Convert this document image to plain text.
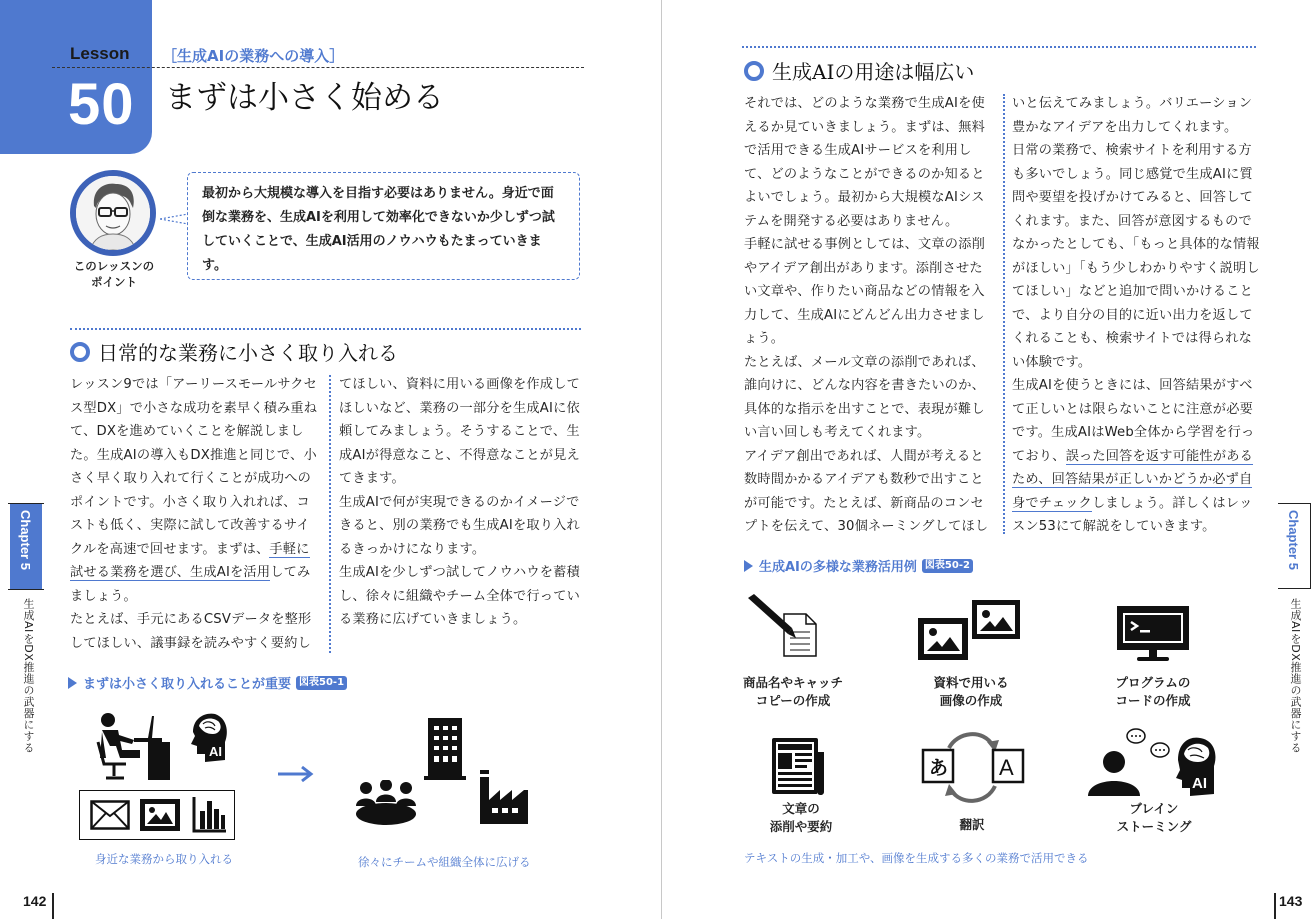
Lesson
50
［生成AIの業務への導入］
まずは小さく始める
このレッスンの
ポイント
最初から大規模な導入を目指す必要はありません。身近で面倒な業務を、生成AIを利用して効率化できないか少しずつ試していくことで、生成AI活用のノウハウもたまっていきます。
日常的な業務に小さく取り入れる

レッスン9では「アーリースモールサクセス型DX」で小さな成功を素早く積み重ねて、DXを進めていくことを解説しました。生成AIの導入もDX推進と同じで、小さく早く取り入れて行くことが成功へのポイントです。小さく取り入れれば、コストも低く、実際に試して改善するサイクルを高速で回せます。まずは、手軽に試せる業務を選び、生成AIを活用してみましょう。

たとえば、手元にあるCSVデータを整形してほしい、議事録を読みやすく要約し

てほしい、資料に用いる画像を作成してほしいなど、業務の一部分を生成AIに依頼してみましょう。そうすることで、生成AIが得意なこと、不得意なことが見えてきます。

生成AIで何が実現できるのかイメージできると、別の業務でも生成AIを取り入れるきっかけになります。

生成AIを少しずつ試してノウハウを蓄積し、徐々に組織やチーム全体で行っている業務に広げていきましょう。

まずは小さく取り入れることが重要 図表50-1
AI
身近な業務から取り入れる	徐々にチームや組織全体に広げる
Chapter 5
生成AIをDX推進の武器にする
142
生成AIの用途は幅広い

それでは、どのような業務で生成AIを使えるか見ていきましょう。まずは、無料で活用できる生成AIサービスを利用して、どのようなことができるのか知るとよいでしょう。最初から大規模なAIシステムを開発する必要はありません。

手軽に試せる事例としては、文章の添削やアイデア創出があります。添削させたい文章や、作りたい商品などの情報を入力して、生成AIにどんどん出力させましょう。

たとえば、メール文章の添削であれば、誰向けに、どんな内容を書きたいのか、具体的な指示を出すことで、表現が難しい言い回しも考えてくれます。

アイデア創出であれば、人間が考えると数時間かかるアイデアも数秒で出すことが可能です。たとえば、新商品のコンセプトを伝えて、30個ネーミングしてほし

いと伝えてみましょう。バリエーション豊かなアイデアを出力してくれます。

日常の業務で、検索サイトを利用する方も多いでしょう。同じ感覚で生成AIに質問や要望を投げかけてみると、回答してくれます。また、回答が意図するものでなかったとしても、「もっと具体的な情報がほしい」「もう少しわかりやすく説明してほしい」などと追加で問いかけることで、より自分の目的に近い出力を返してくれることも、検索サイトでは得られない体験です。

生成AIを使うときには、回答結果がすべて正しいとは限らないことに注意が必要です。生成AIはWeb全体から学習を行っており、誤った回答を返す可能性があるため、回答結果が正しいかどうか必ず自身でチェックしましょう。詳しくはレッスン53にて解説をしていきます。

生成AIの多様な業務活用例 図表50-2
商品名やキャッチ
コピーの作成
資料で用いる
画像の作成
プログラムの
コードの作成
文章の
添削や要約
あ A
翻訳
AI
ブレイン
ストーミング
テキストの生成・加工や、画像を生成する多くの業務で活用できる
Chapter 5
生成AIをDX推進の武器にする
143
